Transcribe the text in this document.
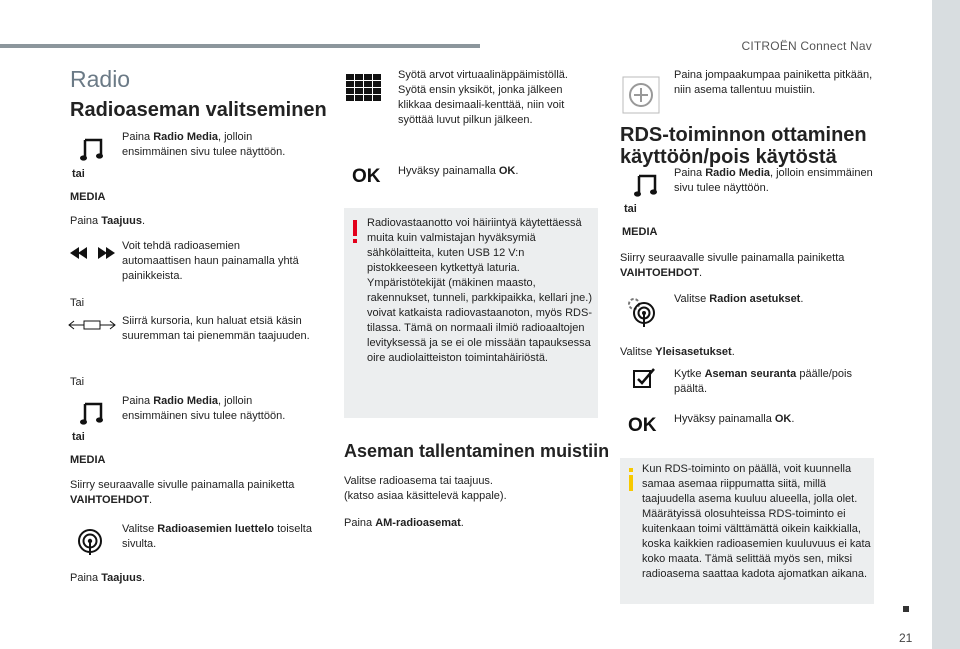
CITROËN Connect Nav
21
Radio
Radioaseman valitseminen
tai
MEDIA
Paina Radio Media, jolloin ensimmäinen sivu tulee näyttöön.
Paina Taajuus.
Voit tehdä radioasemien automaattisen haun painamalla yhtä painikkeista.
Tai
Siirrä kursoria, kun haluat etsiä käsin suuremman tai pienemmän taajuuden.
Tai
tai
MEDIA
Paina Radio Media, jolloin ensimmäinen sivu tulee näyttöön.
Siirry seuraavalle sivulle painamalla painiketta VAIHTOEHDOT.
Valitse Radioasemien luettelo toiselta sivulta.
Paina Taajuus.
Syötä arvot virtuaalinäppäimistöllä. Syötä ensin yksiköt, jonka jälkeen klikkaa desimaali-kenttää, niin voit syöttää luvut pilkun jälkeen.
OK Hyväksy painamalla OK.
Radiovastaanotto voi häiriintyä käytettäessä muita kuin valmistajan hyväksymiä sähkölaitteita, kuten USB 12 V:n pistokkeeseen kytkettyä laturia. Ympäristötekijät (mäkinen maasto, rakennukset, tunneli, parkkipaikka, kellari jne.) voivat katkaista radiovastaanoton, myös RDS-tilassa. Tämä on normaali ilmiö radioaaltojen levityksessä ja se ei ole missään tapauksessa oire audiolaitteiston toimintahäiriöstä.
Aseman tallentaminen muistiin
Valitse radioasema tai taajuus.
(katso asiaa käsittelevä kappale).
Paina AM-radioasemat.
Paina jompaakumpaa painiketta pitkään, niin asema tallentuu muistiin.
RDS-toiminnon ottaminen
käyttöön/pois käytöstä
tai
MEDIA
Paina Radio Media, jolloin ensimmäinen sivu tulee näyttöön.
Siirry seuraavalle sivulle painamalla painiketta VAIHTOEHDOT.
Valitse Radion asetukset.
Valitse Yleisasetukset.
Kytke Aseman seuranta päälle/pois päältä.
OK Hyväksy painamalla OK.
Kun RDS-toiminto on päällä, voit kuunnella samaa asemaa riippumatta siitä, millä taajuudella asema kuuluu alueella, jolla olet. Määrätyissä olosuhteissa RDS-toiminto ei kuitenkaan toimi välttämättä oikein kaikkialla, koska kaikkien radioasemien kuuluvuus ei kata koko maata. Tämä selittää myös sen, miksi radioasema saattaa kadota ajomatkan aikana.
